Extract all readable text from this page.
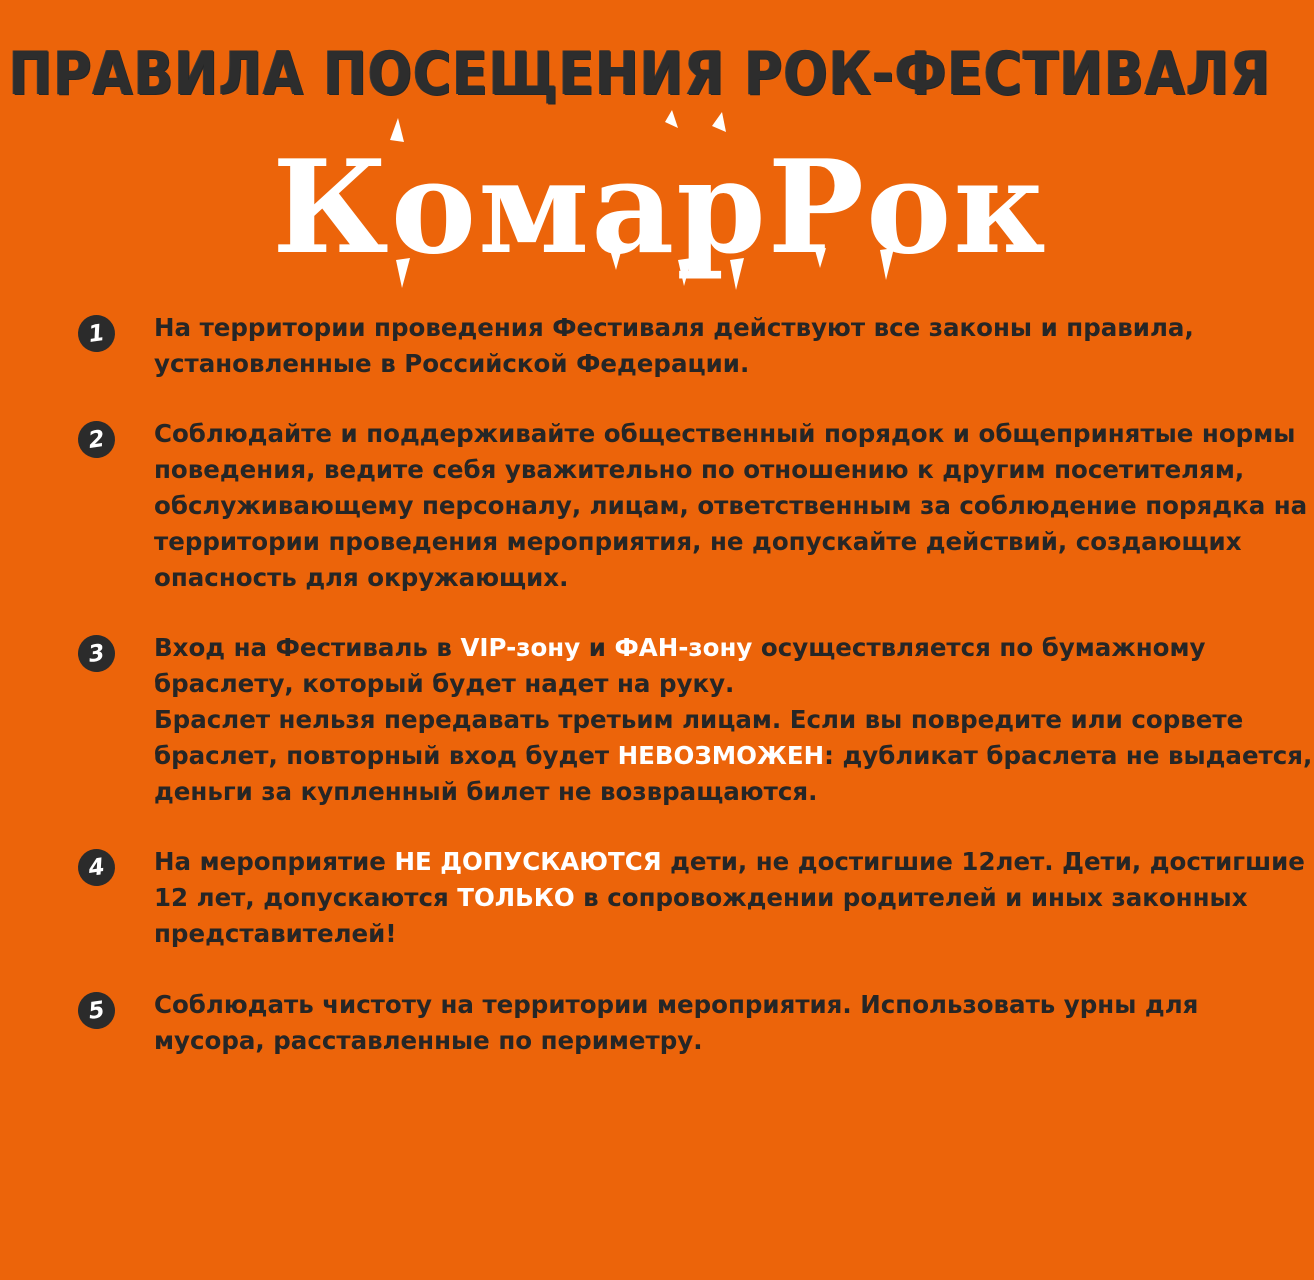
ПРАВИЛА ПОСЕЩЕНИЯ РОК-ФЕСТИВАЛЯ
КомарРок
1	На территории проведения Фестиваля действуют все законы и правила, установленные в Российской Федерации.

2	Соблюдайте и поддерживайте общественный порядок и общепринятые нормы поведения, ведите себя уважительно по отношению к другим посетителям, обслуживающему персоналу, лицам, ответственным за соблюдение порядка на территории проведения мероприятия, не допускайте действий, создающих опасность для окружающих.

3	Вход на Фестиваль в VIP-зону и ФАН-зону осуществляется по бумажному браслету, который будет надет на руку.
Браслет нельзя передавать третьим лицам. Если вы повредите или сорвете браслет, повторный вход будет НЕВОЗМОЖЕН: дубликат браслета не выдается, деньги за купленный билет не возвращаются.

4	На мероприятие НЕ ДОПУСКАЮТСЯ дети, не достигшие 12лет. Дети, достигшие 12 лет, допускаются ТОЛЬКО в сопровождении родителей и иных законных представителей!

5	Соблюдать чистоту на территории мероприятия. Использовать урны для мусора, расставленные по периметру.
